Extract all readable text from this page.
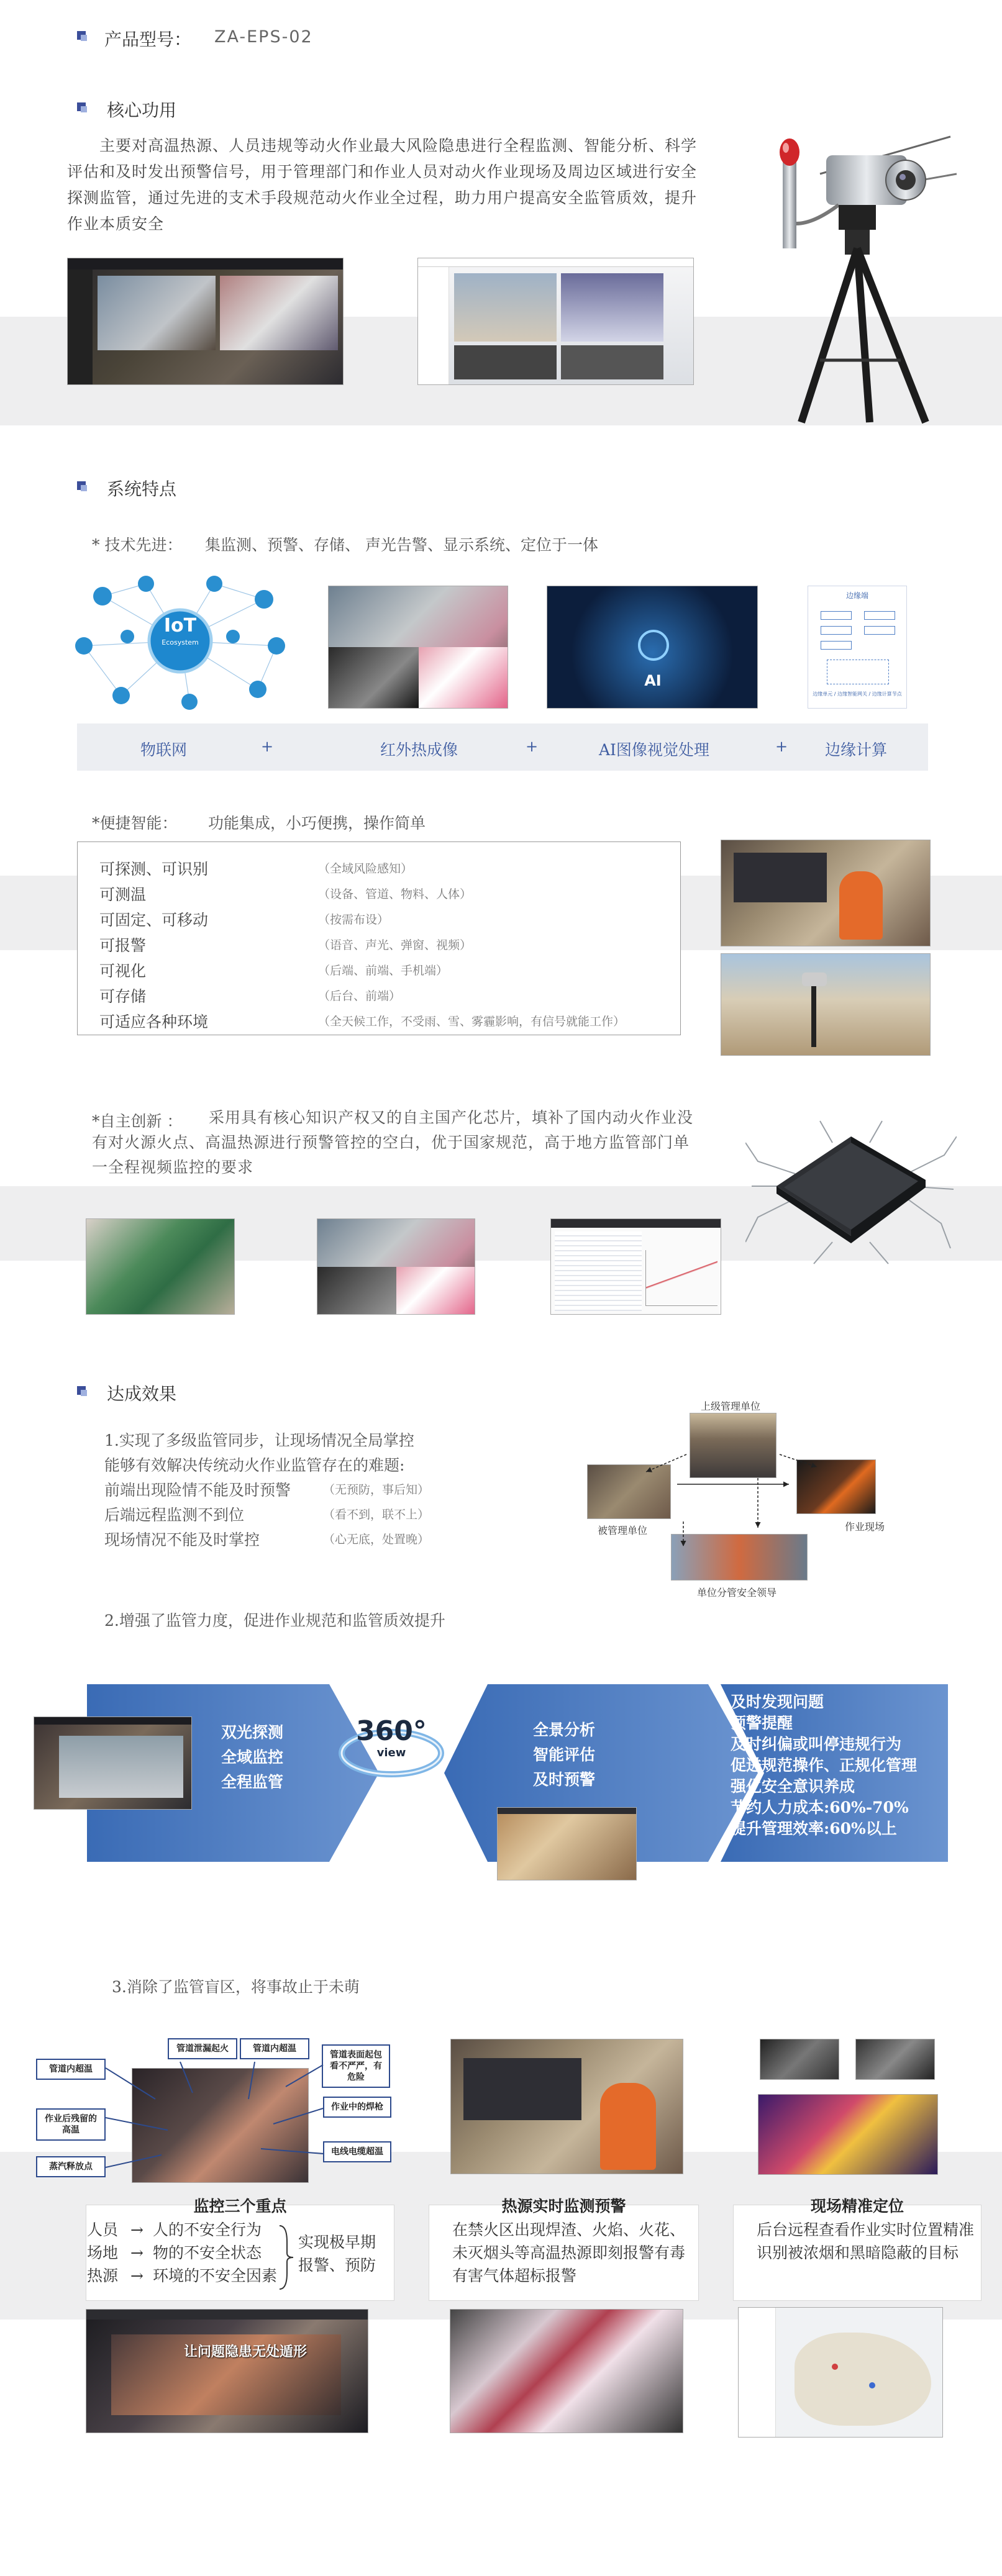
产品型号： ZA-EPS-02
核心功用
主要对高温热源、人员违规等动火作业最大风险隐患进行全程监测、智能分析、科学评估和及时发出预警信号，用于管理部门和作业人员对动火作业现场及周边区域进行安全探测监管，通过先进的支术手段规范动火作业全过程，助力用户提高安全监管质效，提升作业本质安全
系统特点
* 技术先进： 集监测、预警、存储、 声光告警、显示系统、定位于一体
IoT
Ecosystem
AI
边缘端
边缘单元 / 边缘智能网关 / 边缘计算节点
物联网	+	红外热成像	+	AI图像视觉处理	+ 边缘计算
*便捷智能： 功能集成，小巧便携，操作简单
可探测、可识别	（全域风险感知）
可测温	（设备、管道、物料、人体）
可固定、可移动	（按需布设）
可报警	（语音、声光、弹窗、视频）
可视化	（后端、前端、手机端）
可存储	（后台、前端）
可适应各种环境	（全天候工作，不受雨、雪、雾霾影响，有信号就能工作）
*自主创新 ：	采用具有核心知识产权又的自主国产化芯片，填补了国内动火作业没有对火源火点、高温热源进行预警管控的空白，优于国家规范，高于地方监管部门单一全程视频监控的要求
达成效果
1.实现了多级监管同步，让现场情况全局掌控
能够有效解决传统动火作业监管存在的难题:
前端出现险情不能及时预警	（无预防，事后知）
后端远程监测不到位	（看不到，联不上）
现场情况不能及时掌控	（心无底，处置晚）
上级管理单位
被管理单位	作业现场
单位分管安全领导
2.增强了监管力度，促进作业规范和监管质效提升
双光探测
全域监控
全程监管
360°
view
全景分析
智能评估
及时预警
及时发现问题
预警提醒
及时纠偏或叫停违规行为
促进规范操作、正规化管理
强化安全意识养成
节约人力成本:60%-70%
提升管理效率:60%以上
3.消除了监管盲区，将事故止于未萌
管道内超温
管道泄漏起火	管道内超温
管道表面起包看不严严，有危险
作业后残留的高温
作业中的焊枪
蒸汽释放点
电线电缆超温
监控三个重点
人员 → 人的不安全行为
场地 → 物的不安全状态
热源 → 环境的不安全因素
实现极早期
报警、预防
热源实时监测预警
在禁火区出现焊渣、火焰、火花、未灭烟头等高温热源即刻报警有毒有害气体超标报警
现场精准定位
后台远程查看作业实时位置精准识别被浓烟和黑暗隐蔽的目标
让问题隐患无处遁形
